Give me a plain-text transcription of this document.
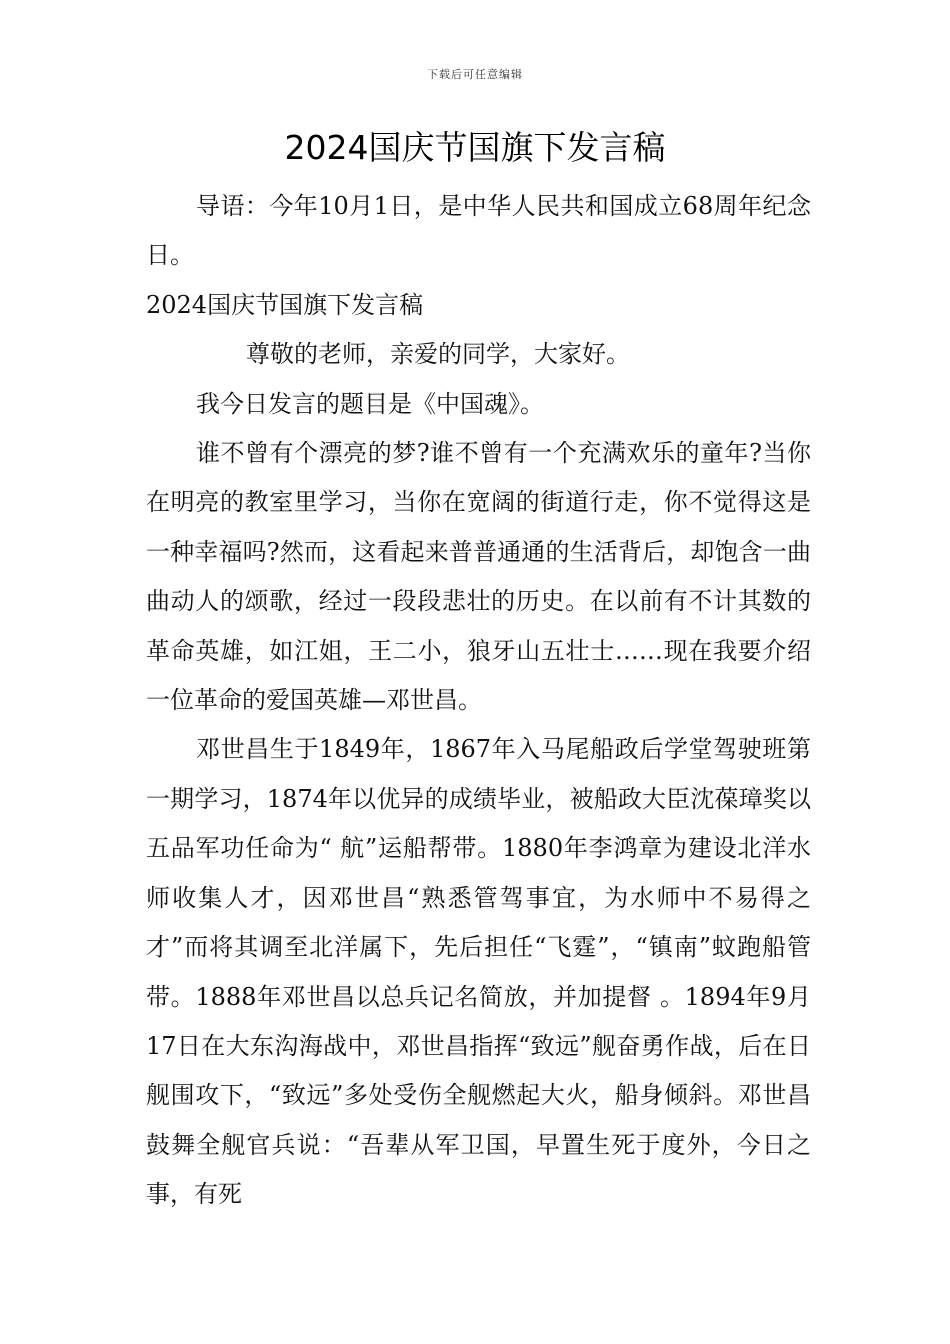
下载后可任意编辑
2024国庆节国旗下发言稿

导语：今年10月1日，是中华人民共和国成立68周年纪念日。

2024国庆节国旗下发言稿

尊敬的老师，亲爱的同学，大家好。

我今日发言的题目是《中国魂》。

谁不曾有个漂亮的梦?谁不曾有一个充满欢乐的童年?当你在明亮的教室里学习，当你在宽阔的街道行走，你不觉得这是一种幸福吗?然而，这看起来普普通通的生活背后，却饱含一曲曲动人的颂歌，经过一段段悲壮的历史。在以前有不计其数的革命英雄，如江姐，王二小，狼牙山五壮士……现在我要介绍一位革命的爱国英雄—邓世昌。

邓世昌生于1849年，1867年入马尾船政后学堂驾驶班第一期学习，1874年以优异的成绩毕业，被船政大臣沈葆璋奖以五品军功任命为“ 航”运船帮带。1880年李鸿章为建设北洋水师收集人才，因邓世昌“熟悉管驾事宜，为水师中不易得之才”而将其调至北洋属下，先后担任“飞霆”，“镇南”蚊跑船管带。1888年邓世昌以总兵记名简放，并加提督 。1894年9月17日在大东沟海战中，邓世昌指挥“致远”舰奋勇作战，后在日舰围攻下，“致远”多处受伤全舰燃起大火，船身倾斜。邓世昌鼓舞全舰官兵说：“吾辈从军卫国，早置生死于度外，今日之事，有死
